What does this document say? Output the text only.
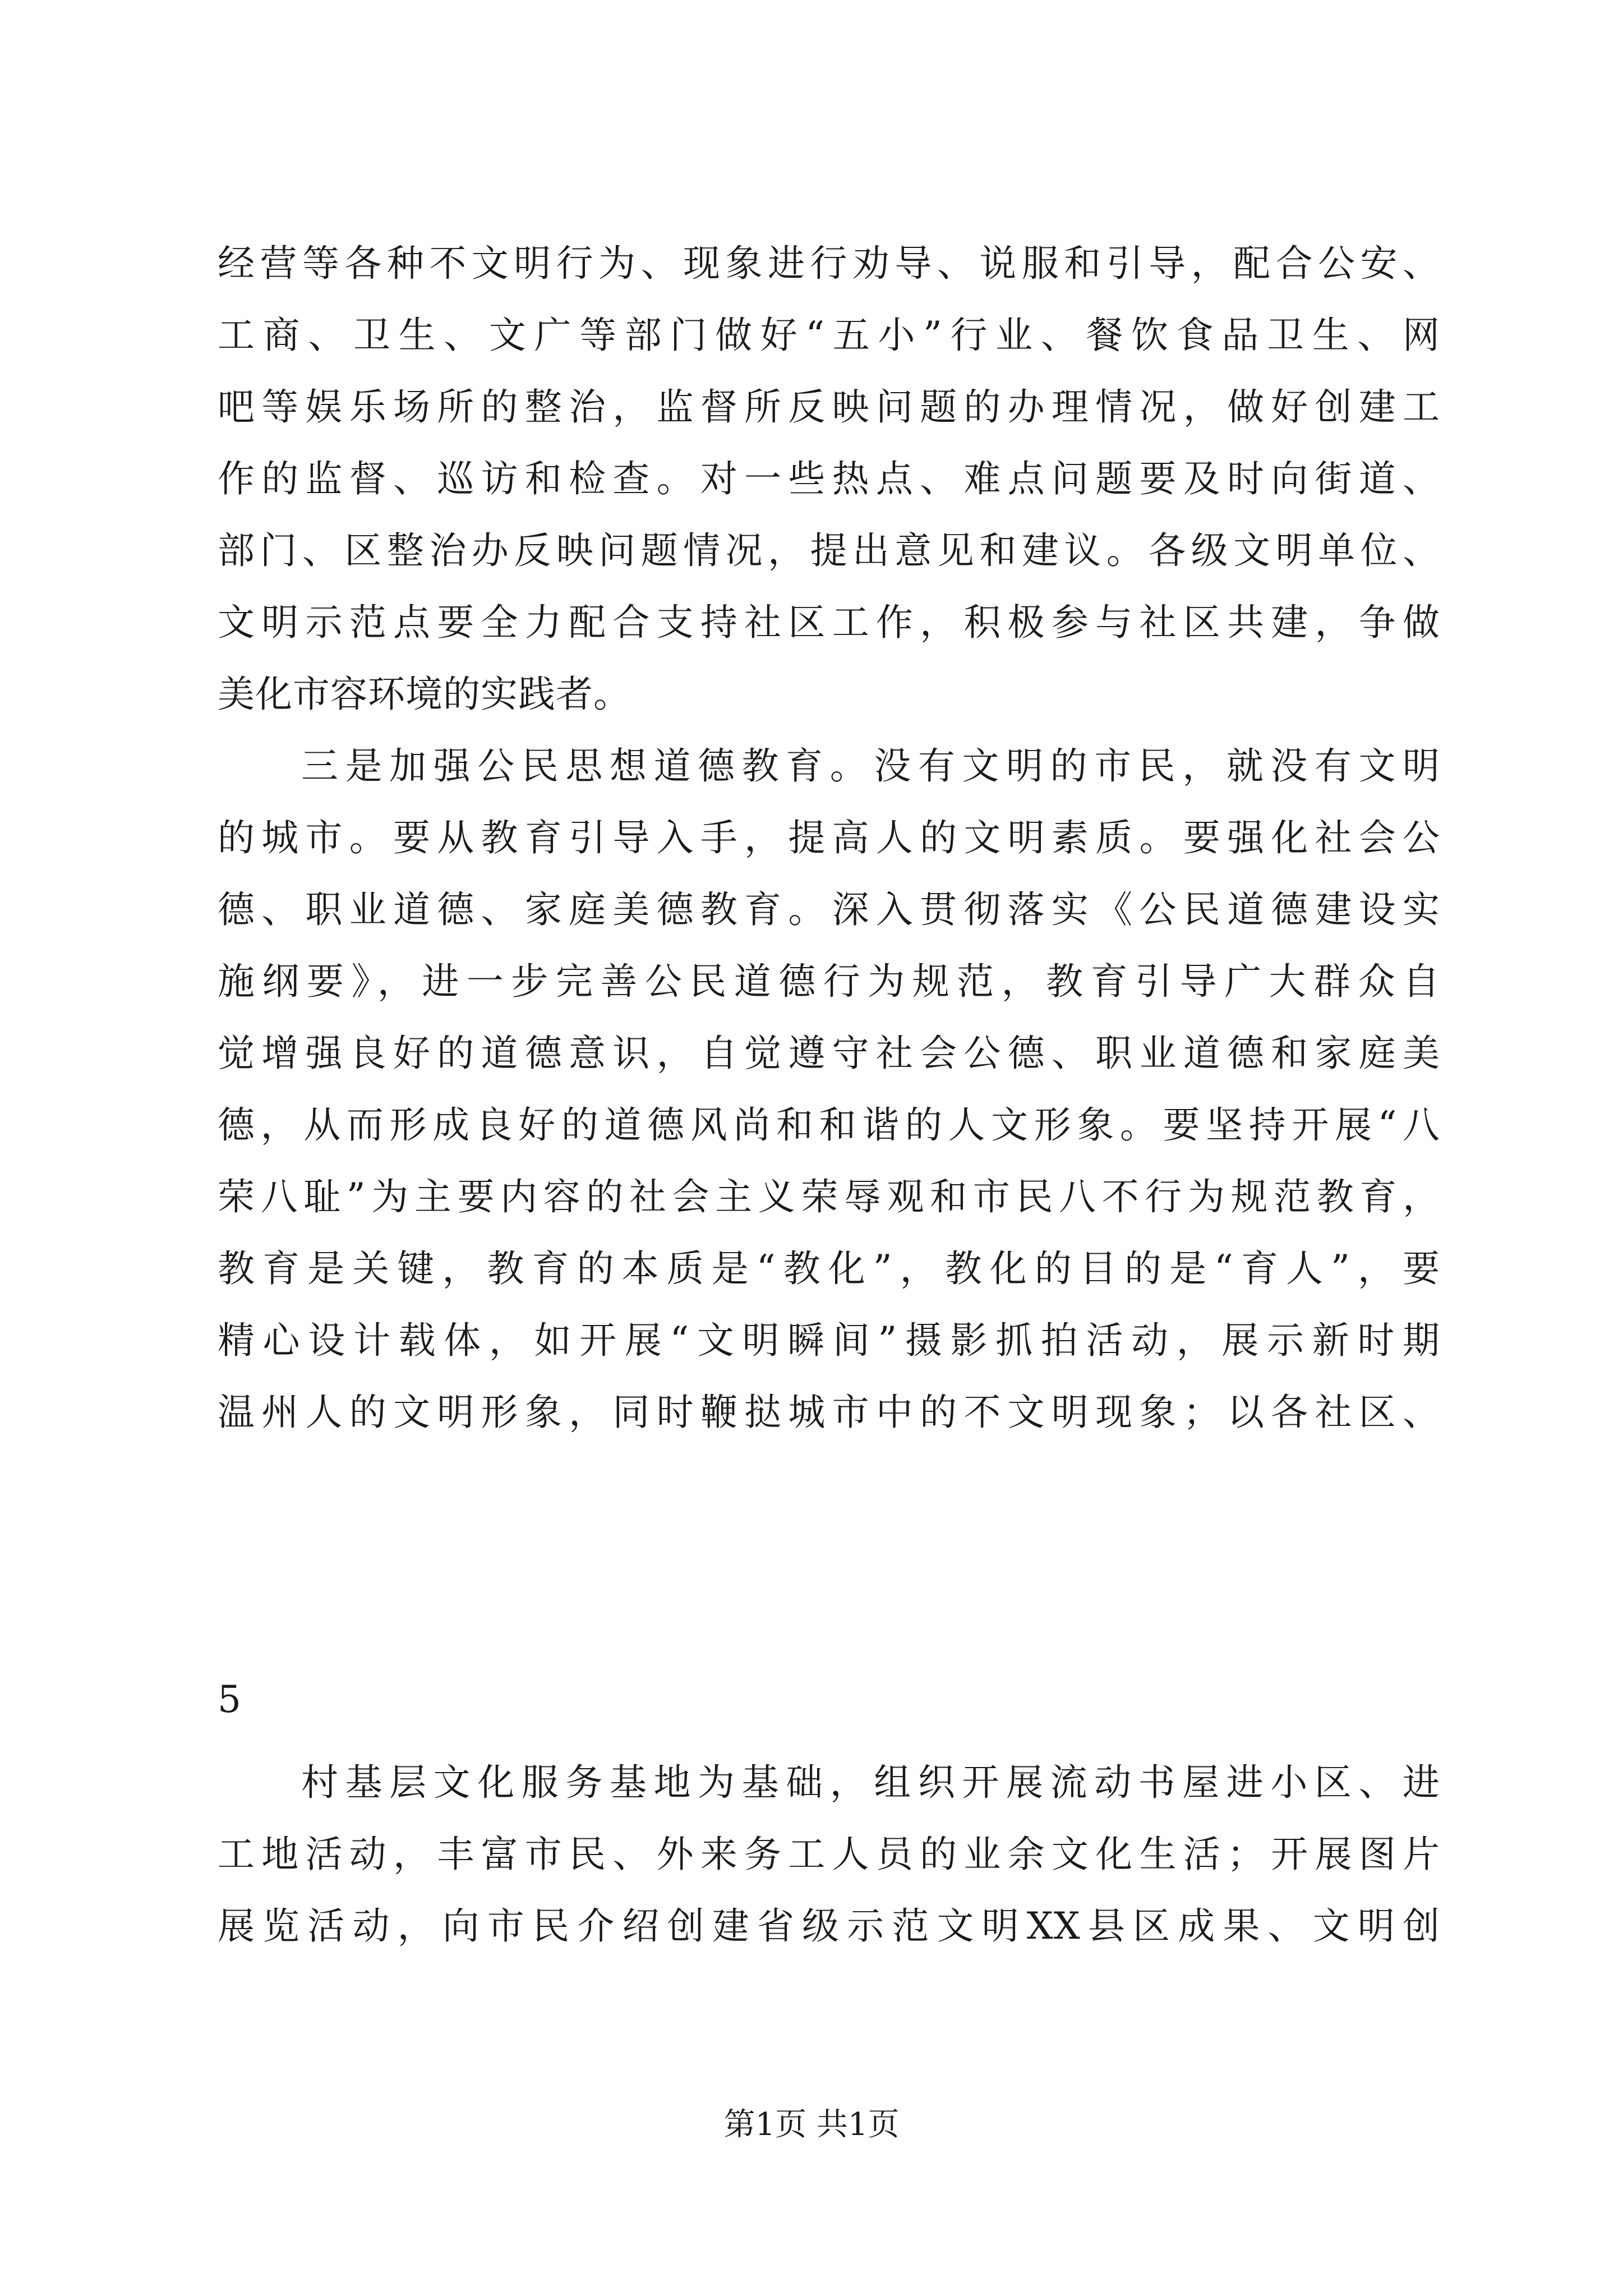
经营等各种不文明行为、现象进行劝导、说服和引导，配合公安、
工商、卫生、文广等部门做好“五小”行业、餐饮食品卫生、网
吧等娱乐场所的整治，监督所反映问题的办理情况，做好创建工
作的监督、巡访和检查。对一些热点、难点问题要及时向街道、
部门、区整治办反映问题情况，提出意见和建议。各级文明单位、
文明示范点要全力配合支持社区工作，积极参与社区共建，争做
美化市容环境的实践者。
三是加强公民思想道德教育。没有文明的市民，就没有文明
的城市。要从教育引导入手，提高人的文明素质。要强化社会公
德、职业道德、家庭美德教育。深入贯彻落实《公民道德建设实
施纲要》，进一步完善公民道德行为规范，教育引导广大群众自
觉增强良好的道德意识，自觉遵守社会公德、职业道德和家庭美
德，从而形成良好的道德风尚和和谐的人文形象。要坚持开展“八
荣八耻”为主要内容的社会主义荣辱观和市民八不行为规范教育，
教育是关键，教育的本质是“教化”，教化的目的是“育人”，要
精心设计载体，如开展“文明瞬间”摄影抓拍活动，展示新时期
温州人的文明形象，同时鞭挞城市中的不文明现象；以各社区、
5
村基层文化服务基地为基础，组织开展流动书屋进小区、进
工地活动，丰富市民、外来务工人员的业余文化生活；开展图片
展览活动，向市民介绍创建省级示范文明XX县区成果、文明创
第1页 共1页
